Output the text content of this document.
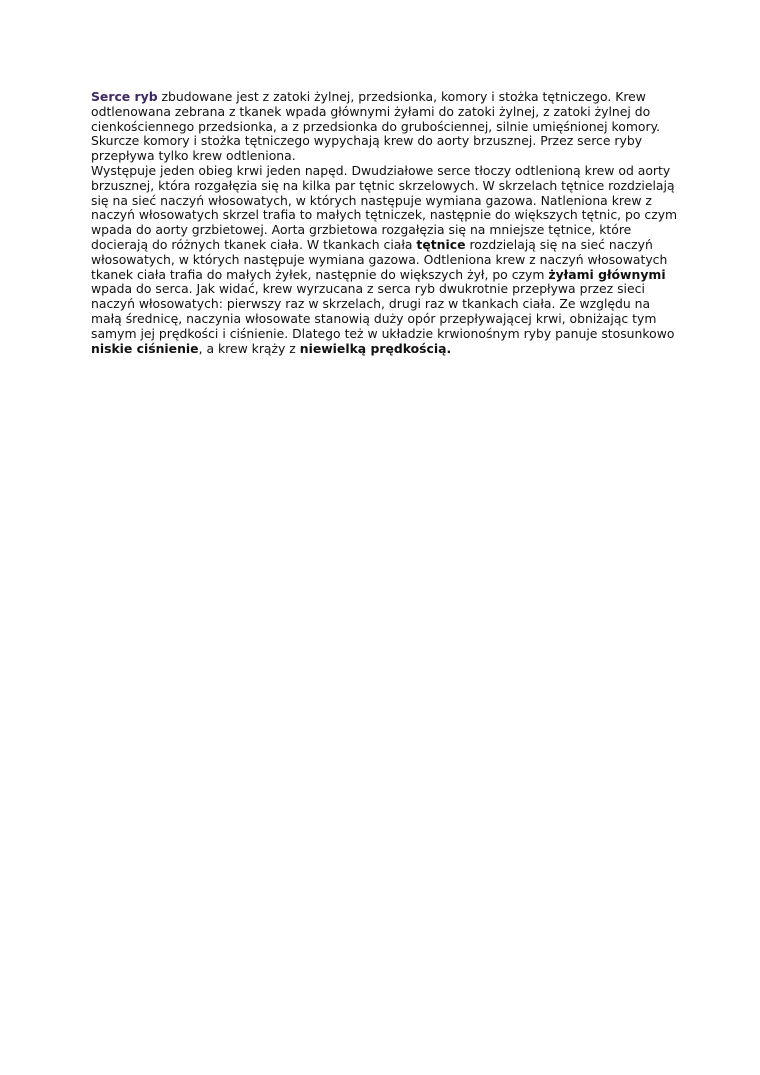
Serce ryb zbudowane jest z zatoki żylnej, przedsionka, komory i stożka tętniczego. Krew odtlenowana zebrana z tkanek wpada głównymi żyłami do zatoki żylnej, z zatoki żylnej do cienkościennego przedsionka, a z przedsionka do grubościennej, silnie umięśnionej komory. Skurcze komory i stożka tętniczego wypychają krew do aorty brzusznej. Przez serce ryby przepływa tylko krew odtleniona.

Występuje jeden obieg krwi jeden napęd. Dwudziałowe serce tłoczy odtlenioną krew od aorty brzusznej, która rozgałęzia się na kilka par tętnic skrzelowych. W skrzelach tętnice rozdzielają się na sieć naczyń włosowatych, w których następuje wymiana gazowa. Natleniona krew z naczyń włosowatych skrzel trafia to małych tętniczek, następnie do większych tętnic, po czym wpada do aorty grzbietowej. Aorta grzbietowa rozgałęzia się na mniejsze tętnice, które docierają do różnych tkanek ciała. W tkankach ciała tętnice rozdzielają się na sieć naczyń włosowatych, w których następuje wymiana gazowa. Odtleniona krew z naczyń włosowatych tkanek ciała trafia do małych żyłek, następnie do większych żył, po czym żyłami głównymi wpada do serca. Jak widać, krew wyrzucana z serca ryb dwukrotnie przepływa przez sieci naczyń włosowatych: pierwszy raz w skrzelach, drugi raz w tkankach ciała. Ze względu na małą średnicę, naczynia włosowate stanowią duży opór przepływającej krwi, obniżając tym samym jej prędkości i ciśnienie. Dlatego też w układzie krwionośnym ryby panuje stosunkowo niskie ciśnienie, a krew krąży z niewielką prędkością.
